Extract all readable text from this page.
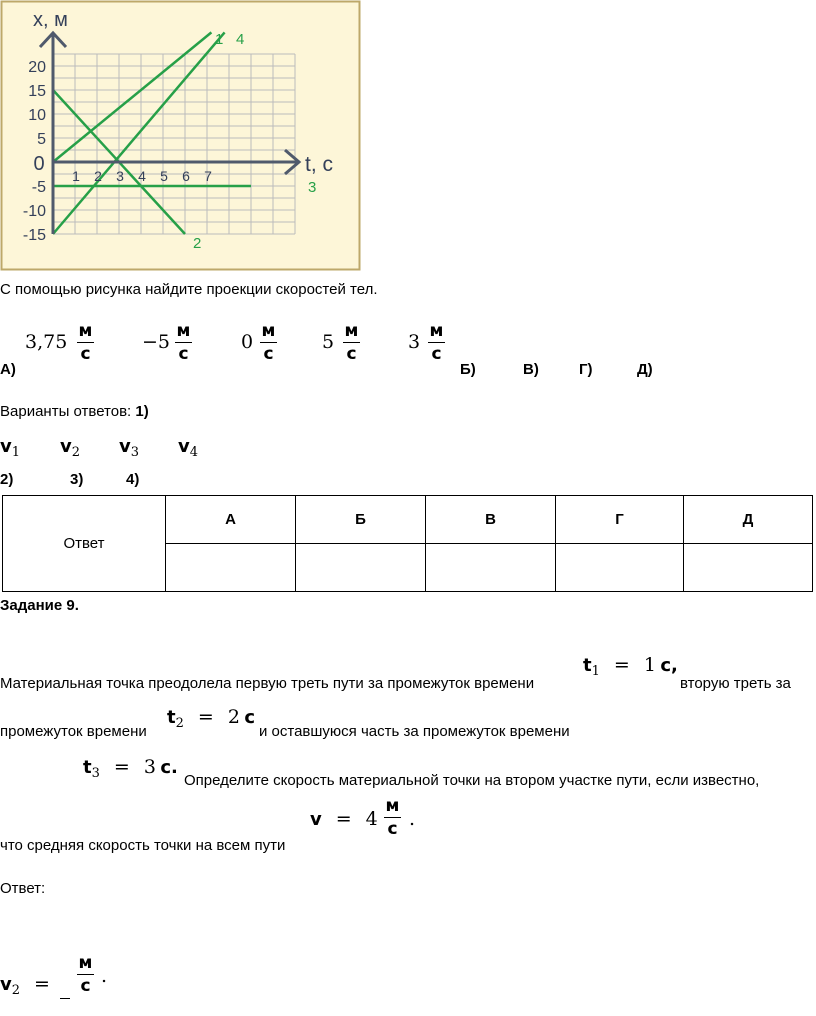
20
15
10
5
-5
-10
-15
1 2 3 4 5 6 7
0
x, м
t, с
1 4
3
2
С помощью рисунка найдите проекции скоростей тел.
3,75 м
с
−5 м
с
0 м
с
5 м
с
3 м
с
А)	Б)	В)	Г)	Д)
Варианты ответов: 1)
$v_1$ $v_2$ $v_3$ $v_4$
2)	3)	4)
Ответ	А	Б	В	Г	Д

Задание 9.
Материальная точка преодолела первую треть пути за промежуток времени
$t_1 = 1$ с,
вторую треть за
промежуток времени
$t_2 = 2$ с
и оставшуюся часть за промежуток времени
$t_3 = 3$ с.
Определите скорость материальной точки на втором участке пути, если известно,
v = 4
м
с .
что средняя скорость точки на всем пути
Ответ:
$v_2$ =
м
с .
